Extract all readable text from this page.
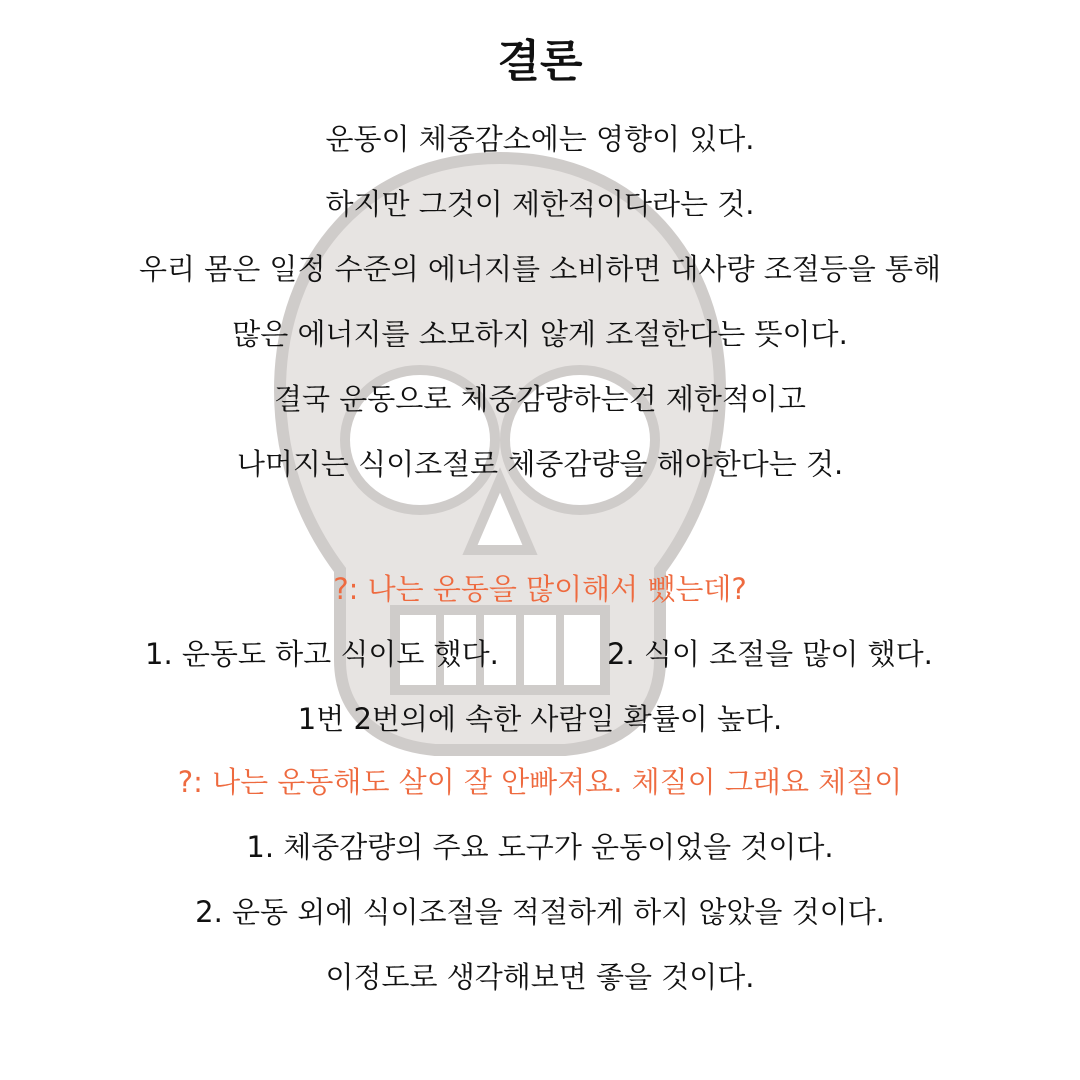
결론
운동이 체중감소에는 영향이 있다.
하지만 그것이 제한적이다라는 것.
우리 몸은 일정 수준의 에너지를 소비하면 대사량 조절등을 통해
많은 에너지를 소모하지 않게 조절한다는 뜻이다.
결국 운동으로 체중감량하는건 제한적이고
나머지는 식이조절로 체중감량을 해야한다는 것.
?: 나는 운동을 많이해서 뺐는데?
1. 운동도 하고 식이도 했다.	2. 식이 조절을 많이 했다.
1번 2번의에 속한 사람일 확률이 높다.
?: 나는 운동해도 살이 잘 안빠져요. 체질이 그래요 체질이
1. 체중감량의 주요 도구가 운동이었을 것이다.
2. 운동 외에 식이조절을 적절하게 하지 않았을 것이다.
이정도로 생각해보면 좋을 것이다.
